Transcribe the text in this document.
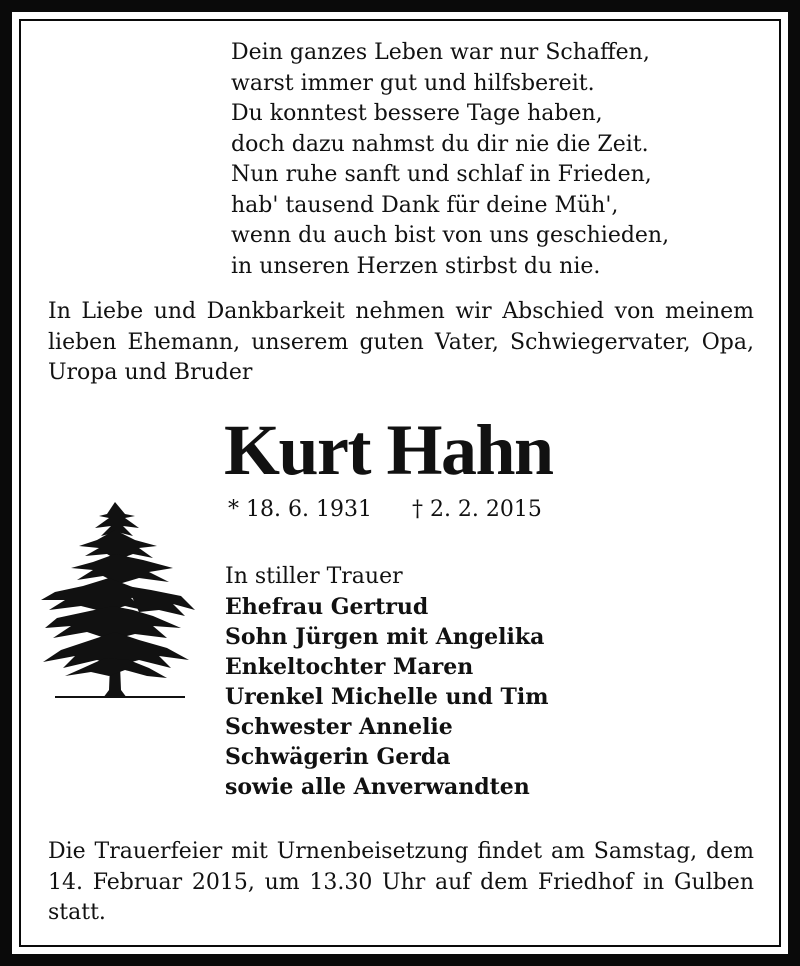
Dein ganzes Leben war nur Schaffen,
warst immer gut und hilfsbereit.
Du konntest bessere Tage haben,
doch dazu nahmst du dir nie die Zeit.
Nun ruhe sanft und schlaf in Frieden,
hab' tausend Dank für deine Müh',
wenn du auch bist von uns geschieden,
in unseren Herzen stirbst du nie.
In Liebe und Dankbarkeit nehmen wir Abschied von meinem lieben Ehemann, unserem guten Vater, Schwiegervater, Opa, Uropa und Bruder
Kurt Hahn
* 18. 6. 1931 † 2. 2. 2015
In stiller Trauer
Ehefrau Gertrud
Sohn Jürgen mit Angelika
Enkeltochter Maren
Urenkel Michelle und Tim
Schwester Annelie
Schwägerin Gerda
sowie alle Anverwandten
Die Trauerfeier mit Urnenbeisetzung findet am Samstag, dem 14. Februar 2015, um 13.30 Uhr auf dem Friedhof in Gulben statt.
